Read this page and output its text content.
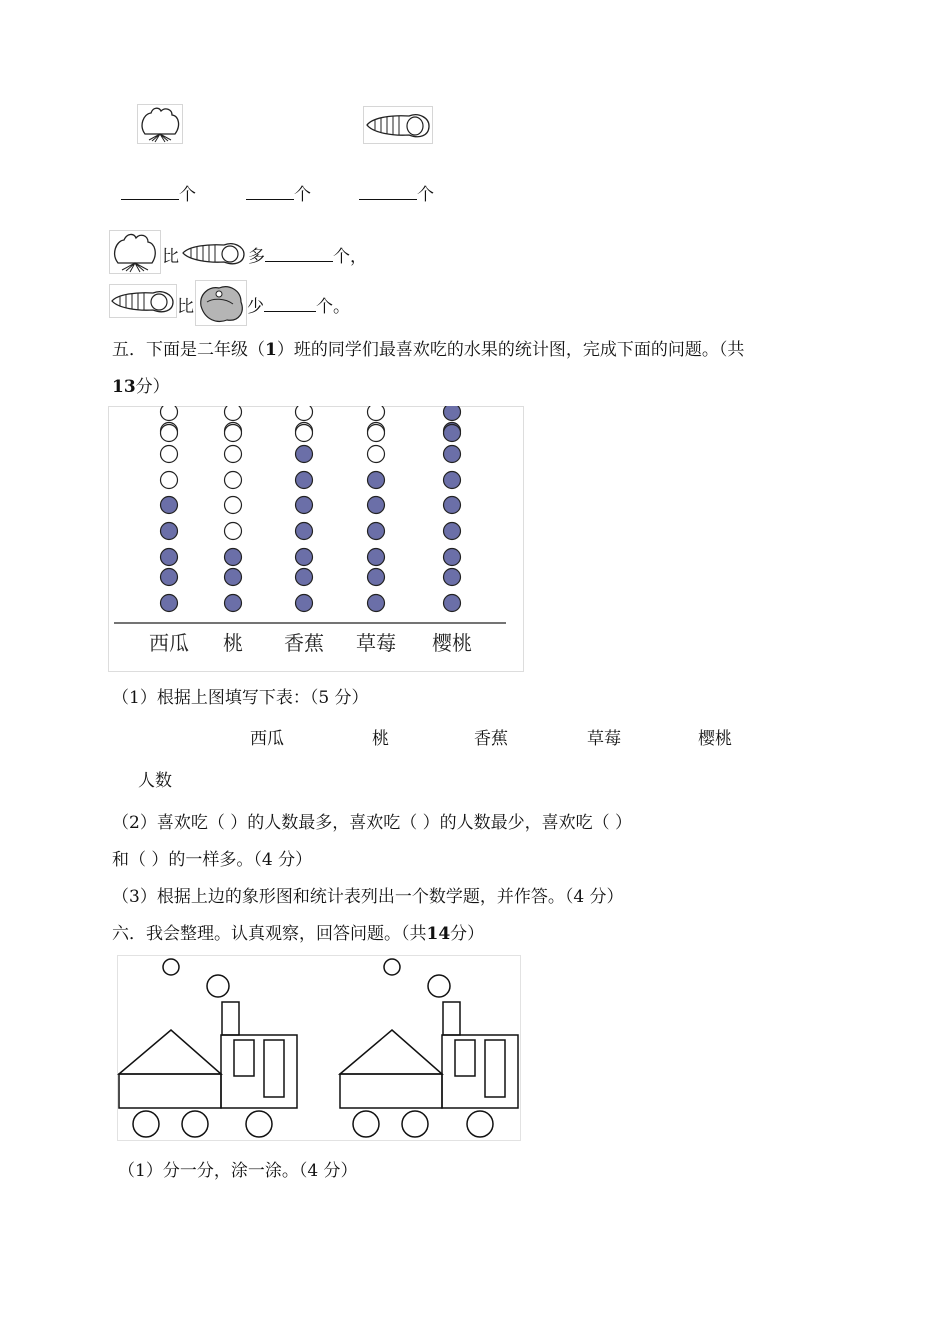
个	个	个
比	多	个，
比	少	个。
五．下面是二年级（1）班的同学们最喜欢吃的水果的统计图，完成下面的问题。（共
13分）
西瓜 桃 香蕉 草莓 樱桃
（1）根据上图填写下表：（5 分）
西瓜	桃	香蕉	草莓	樱桃
人数
（2）喜欢吃（ ）的人数最多，喜欢吃（ ）的人数最少，喜欢吃（ ）
和（ ）的一样多。（4 分）
（3）根据上边的象形图和统计表列出一个数学题，并作答。（4 分）
六．我会整理。认真观察，回答问题。（共14分）
（1）分一分，涂一涂。（4 分）
